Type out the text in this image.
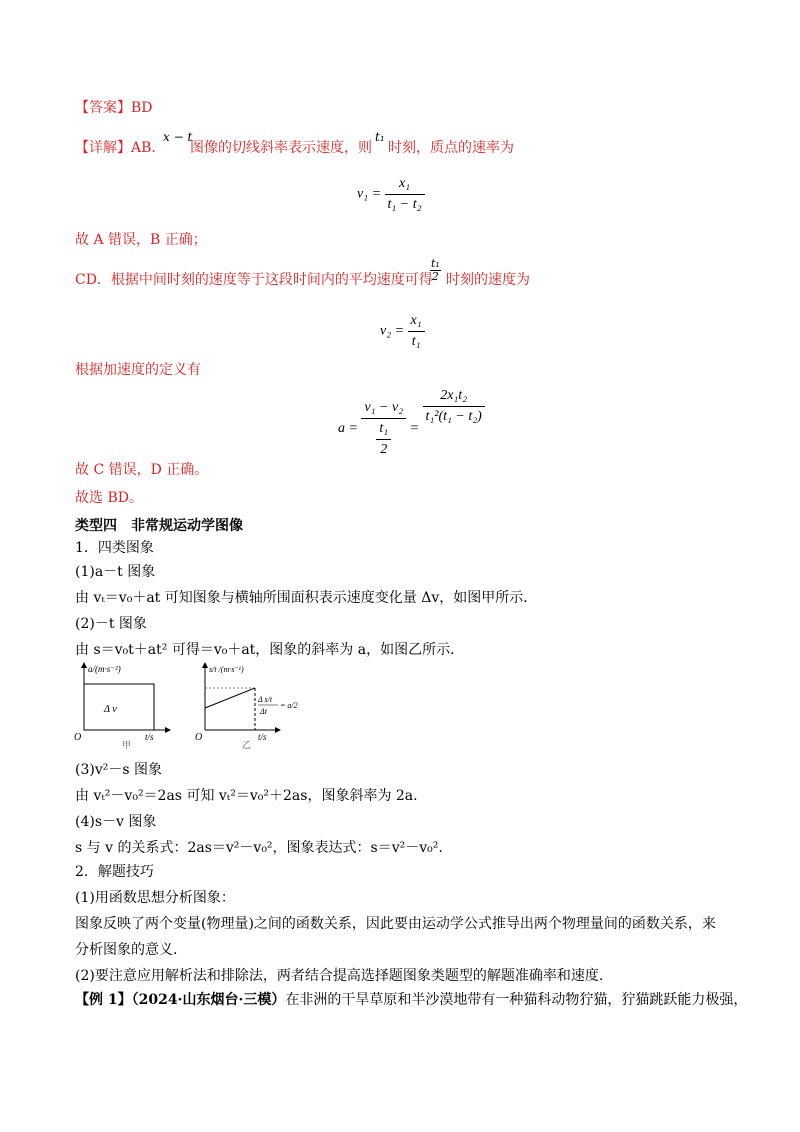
【答案】BD
【详解】AB．
x − t
图像的切线斜率表示速度，则
t₁
时刻，质点的速率为
$v_1 = \frac{\text{x₁}}{\text{t₁ − t₂}}$
故 A 错误，B 正确；
CD．根据中间时刻的速度等于这段时间内的平均速度可得
$\frac{\text{t₁}}{2}$ 时刻的速度为
$v_2 = \frac{\text{x₁}}{\text{t₁}}$
根据加速度的定义有
$a = \frac{\text{v₁ − v₂}}{\frac{\text{t₁}}{2}}$ =
$\frac{\text{2x₁t₂}}{\text{t₁²(t₁ − t₂)}}$
故 C 错误，D 正确。
故选 BD。
类型四　非常规运动学图像
1．四类图象
(1)a－t 图象
由 vₜ＝v₀＋at 可知图象与横轴所围面积表示速度变化量 Δv，如图甲所示．
(2)－t 图象
由 s＝v₀t＋at² 可得＝v₀＋at，图象的斜率为 a，如图乙所示．
a/(m·s⁻²)
t/s
O
Δ v
甲
s/t /(m·s⁻¹)
t/s
O
Δ s/t
Δt
= a/2
乙
(3)v²－s 图象
由 vₜ²－v₀²＝2as 可知 vₜ²＝v₀²＋2as，图象斜率为 2a.
(4)s－v 图象
s 与 v 的关系式：2as＝v²－v₀²，图象表达式：s＝v²－v₀².
2．解题技巧
(1)用函数思想分析图象：
图象反映了两个变量(物理量)之间的函数关系，因此要由运动学公式推导出两个物理量间的函数关系，来
分析图象的意义.
(2)要注意应用解析法和排除法，两者结合提高选择题图象类题型的解题准确率和速度.
【例 1】（2024·山东烟台·三模）在非洲的干旱草原和半沙漠地带有一种猫科动物狞猫，狞猫跳跃能力极强，
